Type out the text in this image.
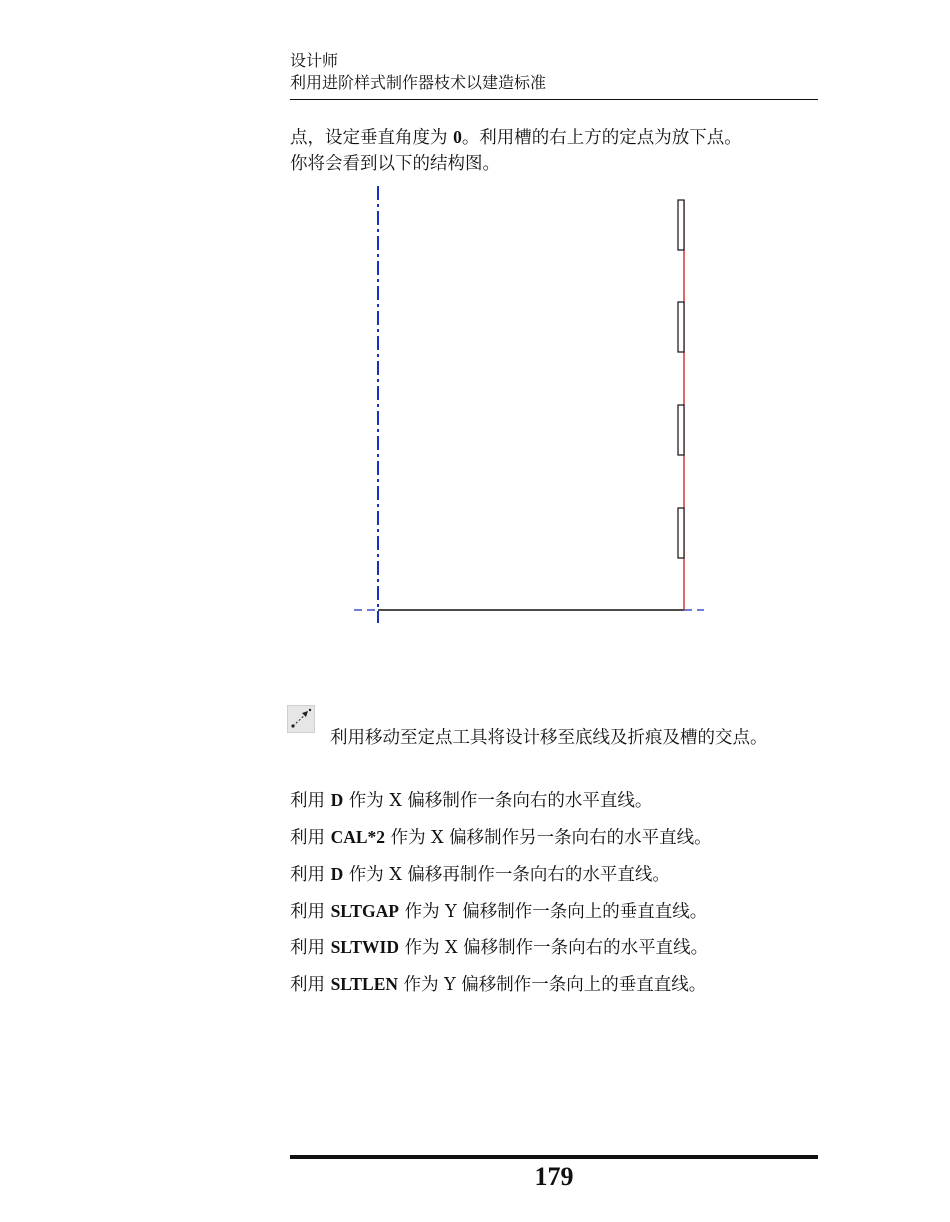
设计师
利用进阶样式制作器枝术以建造标准
点，设定垂直角度为 0。利用槽的右上方的定点为放下点。
你将会看到以下的结构图。
利用移动至定点工具将设计移至底线及折痕及槽的交点。
利用 D 作为 X 偏移制作一条向右的水平直线。
利用 CAL*2 作为 X 偏移制作另一条向右的水平直线。
利用 D 作为 X 偏移再制作一条向右的水平直线。
利用 SLTGAP 作为 Y 偏移制作一条向上的垂直直线。
利用 SLTWID 作为 X 偏移制作一条向右的水平直线。
利用 SLTLEN 作为 Y 偏移制作一条向上的垂直直线。
179
